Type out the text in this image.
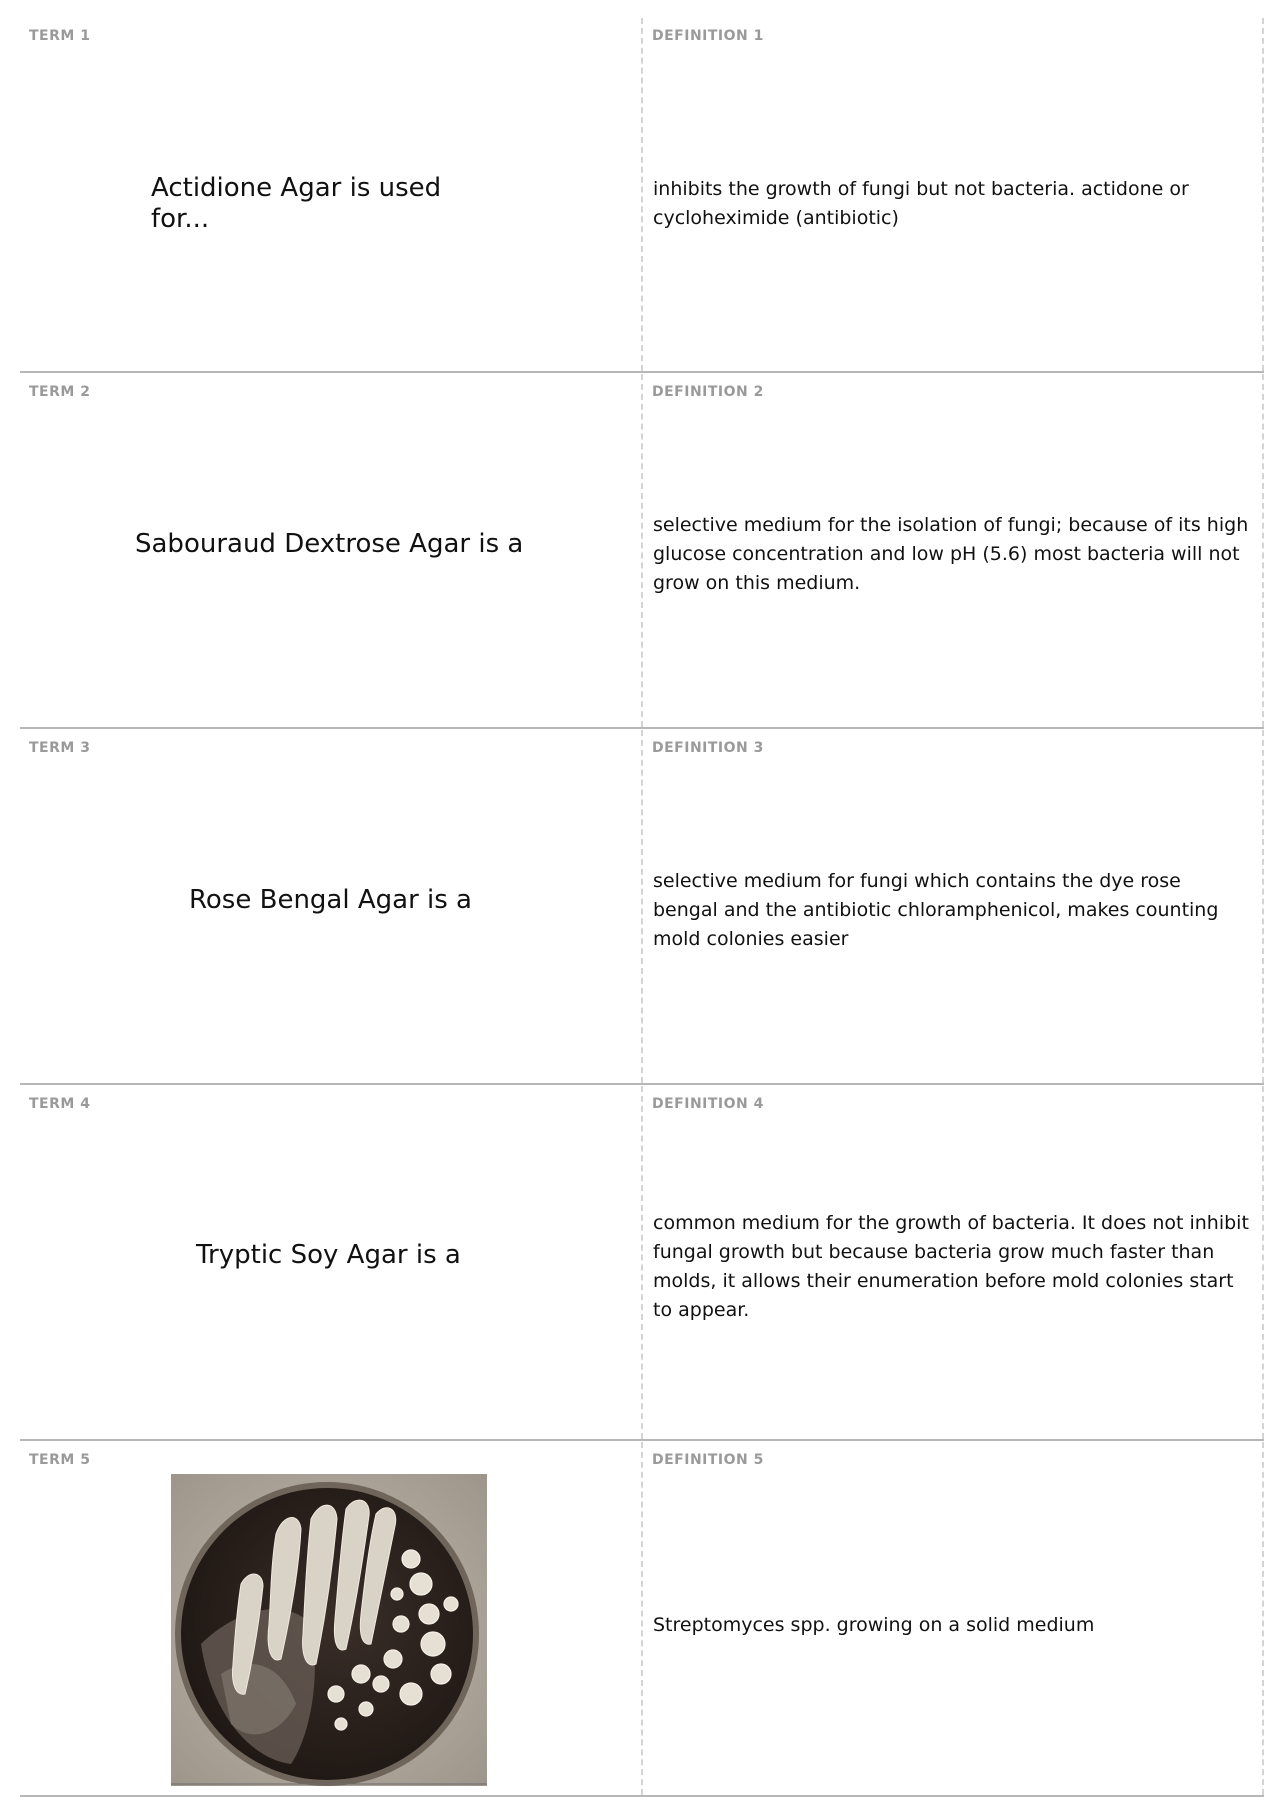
TERM 1
Actidione Agar is used for...
DEFINITION 1
inhibits the growth of fungi but not bacteria. actidone or cycloheximide (antibiotic)
TERM 2
Sabouraud Dextrose Agar is a
DEFINITION 2
selective medium for the isolation of fungi; because of its high glucose concentration and low pH (5.6) most bacteria will not grow on this medium.
TERM 3
Rose Bengal Agar is a
DEFINITION 3
selective medium for fungi which contains the dye rose bengal and the antibiotic chloramphenicol, makes counting mold colonies easier
TERM 4
Tryptic Soy Agar is a
DEFINITION 4
common medium for the growth of bacteria. It does not inhibit fungal growth but because bacteria grow much faster than molds, it allows their enumeration before mold colonies start to appear.
TERM 5	DEFINITION 5
Streptomyces spp. growing on a solid medium
